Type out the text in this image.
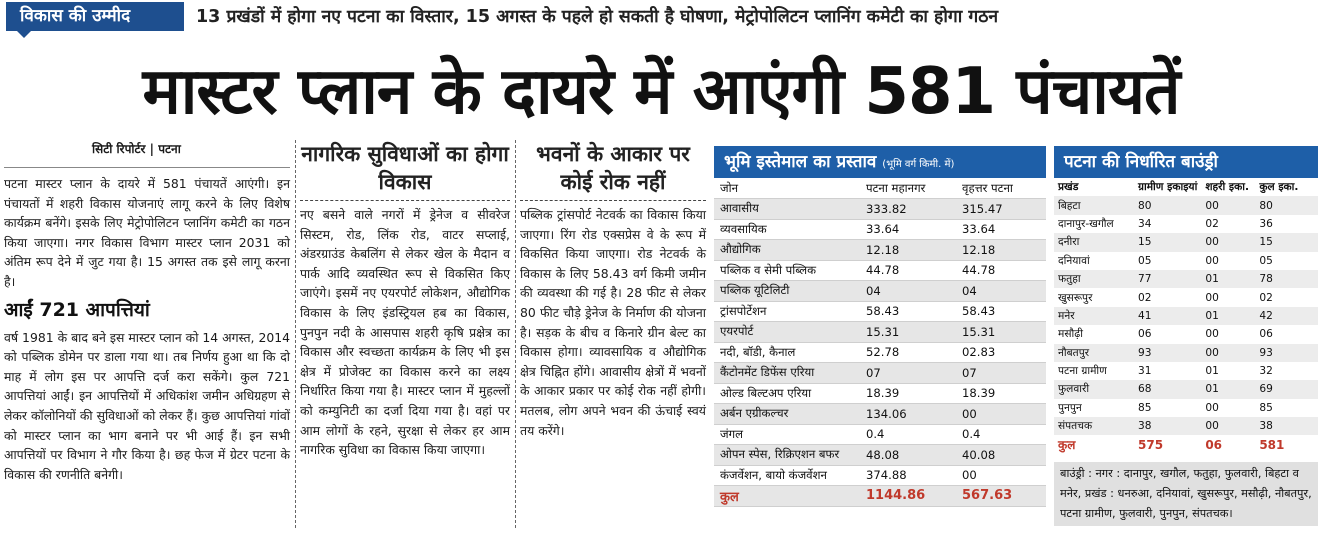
विकास की उम्मीद	13 प्रखंडों में होगा नए पटना का विस्तार, 15 अगस्त के पहले हो सकती है घोषणा, मेट्रोपोलिटन प्लानिंग कमेटी का होगा गठन
मास्टर प्लान के दायरे में आएंगी 581 पंचायतें
सिटी रिपोर्टर | पटना

पटना मास्टर प्लान के दायरे में 581 पंचायतें आएंगी। इन पंचायतों में शहरी विकास योजनाएं लागू करने के लिए विशेष कार्यक्रम बनेंगे। इसके लिए मेट्रोपोलिटन प्लानिंग कमेटी का गठन किया जाएगा। नगर विकास विभाग मास्टर प्लान 2031 को अंतिम रूप देने में जुट गया है। 15 अगस्त तक इसे लागू करना है।

आईं 721 आपत्तियां

वर्ष 1981 के बाद बने इस मास्टर प्लान को 14 अगस्त, 2014 को पब्लिक डोमेन पर डाला गया था। तब निर्णय हुआ था कि दो माह में लोग इस पर आपत्ति दर्ज करा सकेंगे। कुल 721 आपत्तियां आईं। इन आपत्तियों में अधिकांश जमीन अधिग्रहण से लेकर कॉलोनियों की सुविधाओं को लेकर हैं। कुछ आपत्तियां गांवों को मास्टर प्लान का भाग बनाने पर भी आई हैं। इन सभी आपत्तियों पर विभाग ने गौर किया है। छह फेज में ग्रेटर पटना के विकास की रणनीति बनेगी।

नागरिक सुविधाओं का होगा विकास

नए बसने वाले नगरों में ड्रेनेज व सीवरेज सिस्टम, रोड, लिंक रोड, वाटर सप्लाई, अंडरग्राउंड केबलिंग से लेकर खेल के मैदान व पार्क आदि व्यवस्थित रूप से विकसित किए जाएंगे। इसमें नए एयरपोर्ट लोकेशन, औद्योगिक विकास के लिए इंडस्ट्रियल हब का विकास, पुनपुन नदी के आसपास शहरी कृषि प्रक्षेत्र का विकास और स्वच्छता कार्यक्रम के लिए भी इस क्षेत्र में प्रोजेक्ट का विकास करने का लक्ष्य निर्धारित किया गया है। मास्टर प्लान में मुहल्लों को कम्युनिटी का दर्जा दिया गया है। वहां पर आम लोगों के रहने, सुरक्षा से लेकर हर आम नागरिक सुविधा का विकास किया जाएगा।

भवनों के आकार पर कोई रोक नहीं

पब्लिक ट्रांसपोर्ट नेटवर्क का विकास किया जाएगा। रिंग रोड एक्सप्रेस वे के रूप में विकसित किया जाएगा। रोड नेटवर्क के विकास के लिए 58.43 वर्ग किमी जमीन की व्यवस्था की गई है। 28 फीट से लेकर 80 फीट चौड़े ड्रेनेज के निर्माण की योजना है। सड़क के बीच व किनारे ग्रीन बेल्ट का विकास होगा। व्यावसायिक व औद्योगिक क्षेत्र चिह्नित होंगे। आवासीय क्षेत्रों में भवनों के आकार प्रकार पर कोई रोक नहीं होगी। मतलब, लोग अपने भवन की ऊंचाई स्वयं तय करेंगे।

भूमि इस्तेमाल का प्रस्ताव (भूमि वर्ग किमी. में)
जोन	पटना महानगर	वृहत्तर पटना
आवासीय	333.82	315.47
व्यवसायिक	33.64	33.64
औद्योगिक	12.18	12.18
पब्लिक व सेमी पब्लिक	44.78	44.78
पब्लिक यूटिलिटी	04	04
ट्रांसपोर्टेशन	58.43	58.43
एयरपोर्ट	15.31	15.31
नदी, बॉडी, कैनाल	52.78	02.83
कैंटोनमेंट डिफेंस एरिया	07	07
ओल्ड बिल्टअप एरिया	18.39	18.39
अर्बन एग्रीकल्चर	134.06	00
जंगल	0.4	0.4
ओपन स्पेस, रिक्रिएशन बफर	48.08	40.08
कंजर्वेशन, बायो कंजर्वेशन	374.88	00
कुल	1144.86	567.63
पटना की निर्धारित बाउंड्री
प्रखंड	ग्रामीण इकाइयां	शहरी इका.	कुल इका.
बिहटा	80	00	80
दानापुर-खगौल	34	02	36
दनीरा	15	00	15
दनियावां	05	00	05
फतुहा	77	01	78
खुसरूपुर	02	00	02
मनेर	41	01	42
मसौढ़ी	06	00	06
नौबतपुर	93	00	93
पटना ग्रामीण	31	01	32
फुलवारी	68	01	69
पुनपुन	85	00	85
संपतचक	38	00	38
कुल	575	06	581
बाउंड्री : नगर : दानापुर, खगौल, फतुहा, फुलवारी, बिहटा व मनेर, प्रखंड : धनरुआ, दनियावां, खुसरूपुर, मसौढ़ी, नौबतपुर, पटना ग्रामीण, फुलवारी, पुनपुन, संपतचक।
